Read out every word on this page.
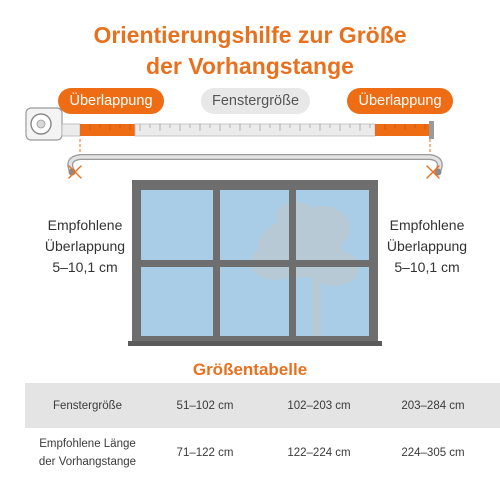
Orientierungshilfe zur Größe
der Vorhangstange
Überlappung	Fenstergröße	Überlappung
Empfohlene
Überlappung
5–10,1 cm
Empfohlene
Überlappung
5–10,1 cm
Größentabelle
Fenstergröße	51–102 cm	102–203 cm	203–284 cm
Empfohlene Länge
der Vorhangstange
71–122 cm	122–224 cm	224–305 cm
